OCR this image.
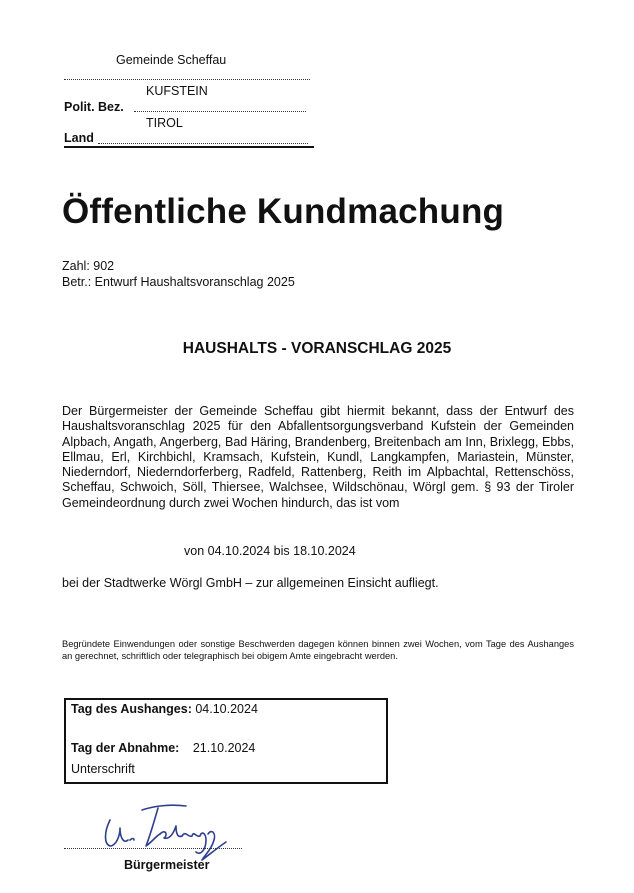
Gemeinde Scheffau
KUFSTEIN
Polit. Bez.
TIROL
Land
Öffentliche Kundmachung
Zahl: 902
Betr.: Entwurf Haushaltsvoranschlag 2025
HAUSHALTS - VORANSCHLAG 2025
Der Bürgermeister der Gemeinde Scheffau gibt hiermit bekannt, dass der Entwurf des Haushaltsvoranschlag 2025 für den Abfallentsorgungsverband Kufstein der Gemeinden Alpbach, Angath, Angerberg, Bad Häring, Brandenberg, Breitenbach am Inn, Brixlegg, Ebbs, Ellmau, Erl, Kirchbichl, Kramsach, Kufstein, Kundl, Langkampfen, Mariastein, Münster, Niederndorf, Niederndorferberg, Radfeld, Rattenberg, Reith im Alpbachtal, Rettenschöss, Scheffau, Schwoich, Söll, Thiersee, Walchsee, Wildschönau, Wörgl gem. § 93 der Tiroler Gemeindeordnung durch zwei Wochen hindurch, das ist vom
von 04.10.2024 bis 18.10.2024
bei der Stadtwerke Wörgl GmbH – zur allgemeinen Einsicht aufliegt.
Begründete Einwendungen oder sonstige Beschwerden dagegen können binnen zwei Wochen, vom Tage des Aushanges an gerechnet, schriftlich oder telegraphisch bei obigem Amte eingebracht werden.
Tag des Aushanges: 04.10.2024
Tag der Abnahme: 21.10.2024
Unterschrift
Bürgermeister
